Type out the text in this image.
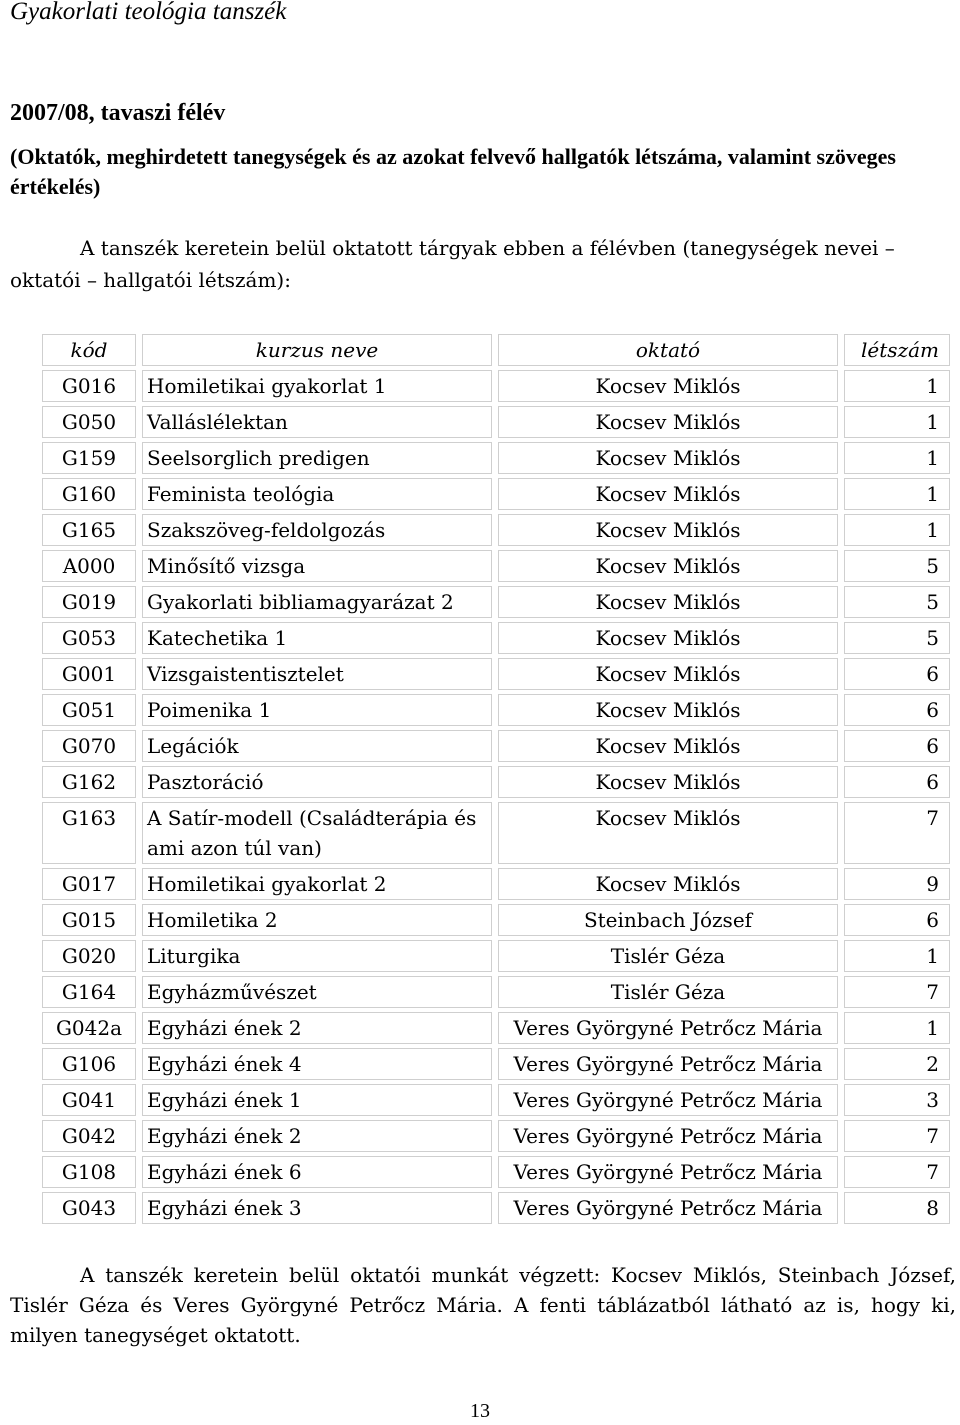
Gyakorlati teológia tanszék
2007/08, tavaszi félév
(Oktatók, meghirdetett tanegységek és az azokat felvevő hallgatók létszáma, valamint szöveges értékelés)
A tanszék keretein belül oktatott tárgyak ebben a félévben (tanegységek nevei – oktatói – hallgatói létszám):
kód	kurzus neve	oktató	létszám
G016	Homiletikai gyakorlat 1	Kocsev Miklós	1
G050	Valláslélektan	Kocsev Miklós	1
G159	Seelsorglich predigen	Kocsev Miklós	1
G160	Feminista teológia	Kocsev Miklós	1
G165	Szakszöveg-feldolgozás	Kocsev Miklós	1
A000	Minősítő vizsga	Kocsev Miklós	5
G019	Gyakorlati bibliamagyarázat 2	Kocsev Miklós	5
G053	Katechetika 1	Kocsev Miklós	5
G001	Vizsgaistentisztelet	Kocsev Miklós	6
G051	Poimenika 1	Kocsev Miklós	6
G070	Legációk	Kocsev Miklós	6
G162	Pasztoráció	Kocsev Miklós	6
G163	A Satír-modell (Családterápia és ami azon túl van)	Kocsev Miklós	7
G017	Homiletikai gyakorlat 2	Kocsev Miklós	9
G015	Homiletika 2	Steinbach József	6
G020	Liturgika	Tislér Géza	1
G164	Egyházművészet	Tislér Géza	7
G042a	Egyházi ének 2	Veres Györgyné Petrőcz Mária	1
G106	Egyházi ének 4	Veres Györgyné Petrőcz Mária	2
G041	Egyházi ének 1	Veres Györgyné Petrőcz Mária	3
G042	Egyházi ének 2	Veres Györgyné Petrőcz Mária	7
G108	Egyházi ének 6	Veres Györgyné Petrőcz Mária	7
G043	Egyházi ének 3	Veres Györgyné Petrőcz Mária	8
A tanszék keretein belül oktatói munkát végzett: Kocsev Miklós, Steinbach József, Tislér Géza és Veres Györgyné Petrőcz Mária. A fenti táblázatból látható az is, hogy ki, milyen tanegységet oktatott.
13
